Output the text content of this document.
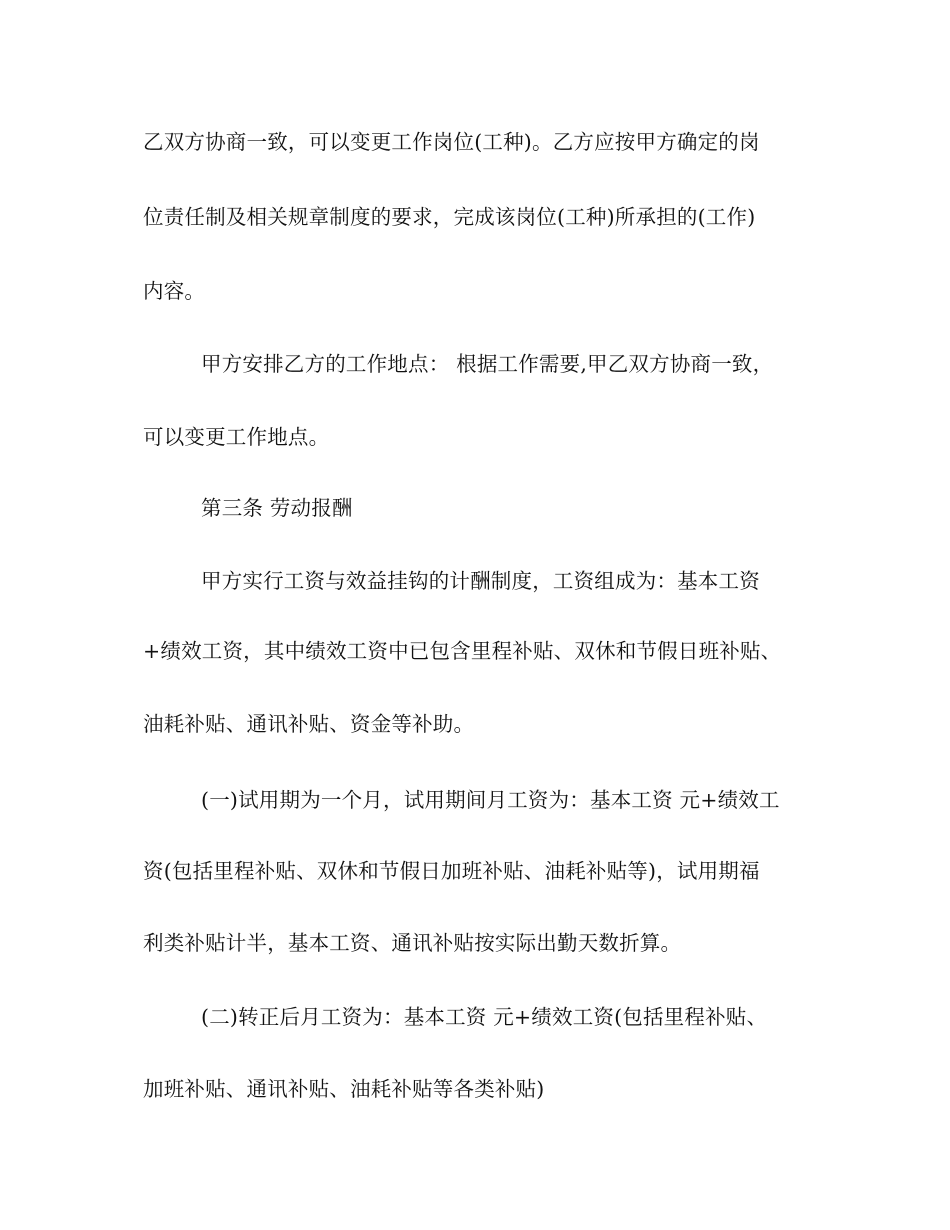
乙双方协商一致，可以变更工作岗位(工种)。乙方应按甲方确定的岗
位责任制及相关规章制度的要求，完成该岗位(工种)所承担的(工作)
内容。
甲方安排乙方的工作地点： 根据工作需要,甲乙双方协商一致，
可以变更工作地点。
第三条 劳动报酬
甲方实行工资与效益挂钩的计酬制度，工资组成为：基本工资
+绩效工资，其中绩效工资中已包含里程补贴、双休和节假日班补贴、
油耗补贴、通讯补贴、资金等补助。
(一)试用期为一个月，试用期间月工资为：基本工资 元+绩效工
资(包括里程补贴、双休和节假日加班补贴、油耗补贴等)，试用期福
利类补贴计半，基本工资、通讯补贴按实际出勤天数折算。
(二)转正后月工资为：基本工资 元+绩效工资(包括里程补贴、
加班补贴、通讯补贴、油耗补贴等各类补贴)
